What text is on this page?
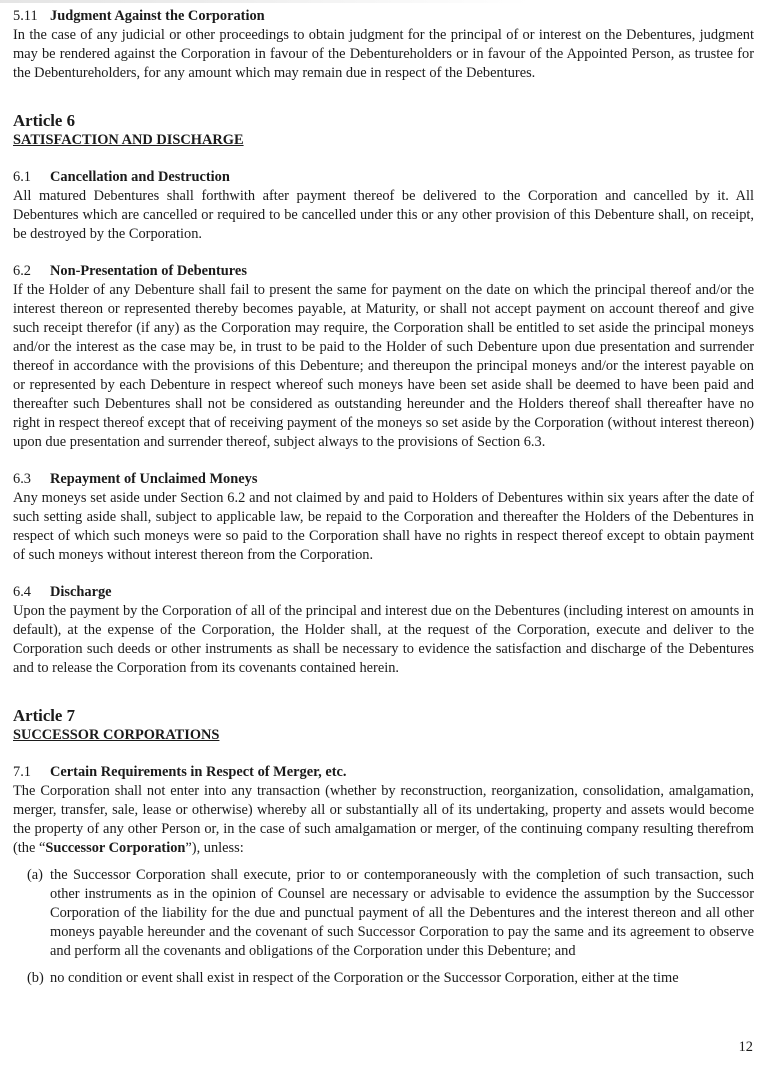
5.11 Judgment Against the Corporation

In the case of any judicial or other proceedings to obtain judgment for the principal of or interest on the Debentures, judgment may be rendered against the Corporation in favour of the Debentureholders or in favour of the Appointed Person, as trustee for the Debentureholders, for any amount which may remain due in respect of the Debentures.

Article 6
SATISFACTION AND DISCHARGE
6.1 Cancellation and Destruction

All matured Debentures shall forthwith after payment thereof be delivered to the Corporation and cancelled by it. All Debentures which are cancelled or required to be cancelled under this or any other provision of this Debenture shall, on receipt, be destroyed by the Corporation.

6.2 Non-Presentation of Debentures

If the Holder of any Debenture shall fail to present the same for payment on the date on which the principal thereof and/or the interest thereon or represented thereby becomes payable, at Maturity, or shall not accept payment on account thereof and give such receipt therefor (if any) as the Corporation may require, the Corporation shall be entitled to set aside the principal moneys and/or the interest as the case may be, in trust to be paid to the Holder of such Debenture upon due presentation and surrender thereof in accordance with the provisions of this Debenture; and thereupon the principal moneys and/or the interest payable on or represented by each Debenture in respect whereof such moneys have been set aside shall be deemed to have been paid and thereafter such Debentures shall not be considered as outstanding hereunder and the Holders thereof shall thereafter have no right in respect thereof except that of receiving payment of the moneys so set aside by the Corporation (without interest thereon) upon due presentation and surrender thereof, subject always to the provisions of Section 6.3.

6.3 Repayment of Unclaimed Moneys

Any moneys set aside under Section 6.2 and not claimed by and paid to Holders of Debentures within six years after the date of such setting aside shall, subject to applicable law, be repaid to the Corporation and thereafter the Holders of the Debentures in respect of which such moneys were so paid to the Corporation shall have no rights in respect thereof except to obtain payment of such moneys without interest thereon from the Corporation.

6.4 Discharge

Upon the payment by the Corporation of all of the principal and interest due on the Debentures (including interest on amounts in default), at the expense of the Corporation, the Holder shall, at the request of the Corporation, execute and deliver to the Corporation such deeds or other instruments as shall be necessary to evidence the satisfaction and discharge of the Debentures and to release the Corporation from its covenants contained herein.

Article 7
SUCCESSOR CORPORATIONS
7.1 Certain Requirements in Respect of Merger, etc.

The Corporation shall not enter into any transaction (whether by reconstruction, reorganization, consolidation, amalgamation, merger, transfer, sale, lease or otherwise) whereby all or substantially all of its undertaking, property and assets would become the property of any other Person or, in the case of such amalgamation or merger, of the continuing company resulting therefrom (the “Successor Corporation”), unless:

(a) the Successor Corporation shall execute, prior to or contemporaneously with the completion of such transaction, such other instruments as in the opinion of Counsel are necessary or advisable to evidence the assumption by the Successor Corporation of the liability for the due and punctual payment of all the Debentures and the interest thereon and all other moneys payable hereunder and the covenant of such Successor Corporation to pay the same and its agreement to observe and perform all the covenants and obligations of the Corporation under this Debenture; and
(b) no condition or event shall exist in respect of the Corporation or the Successor Corporation, either at the time
12
